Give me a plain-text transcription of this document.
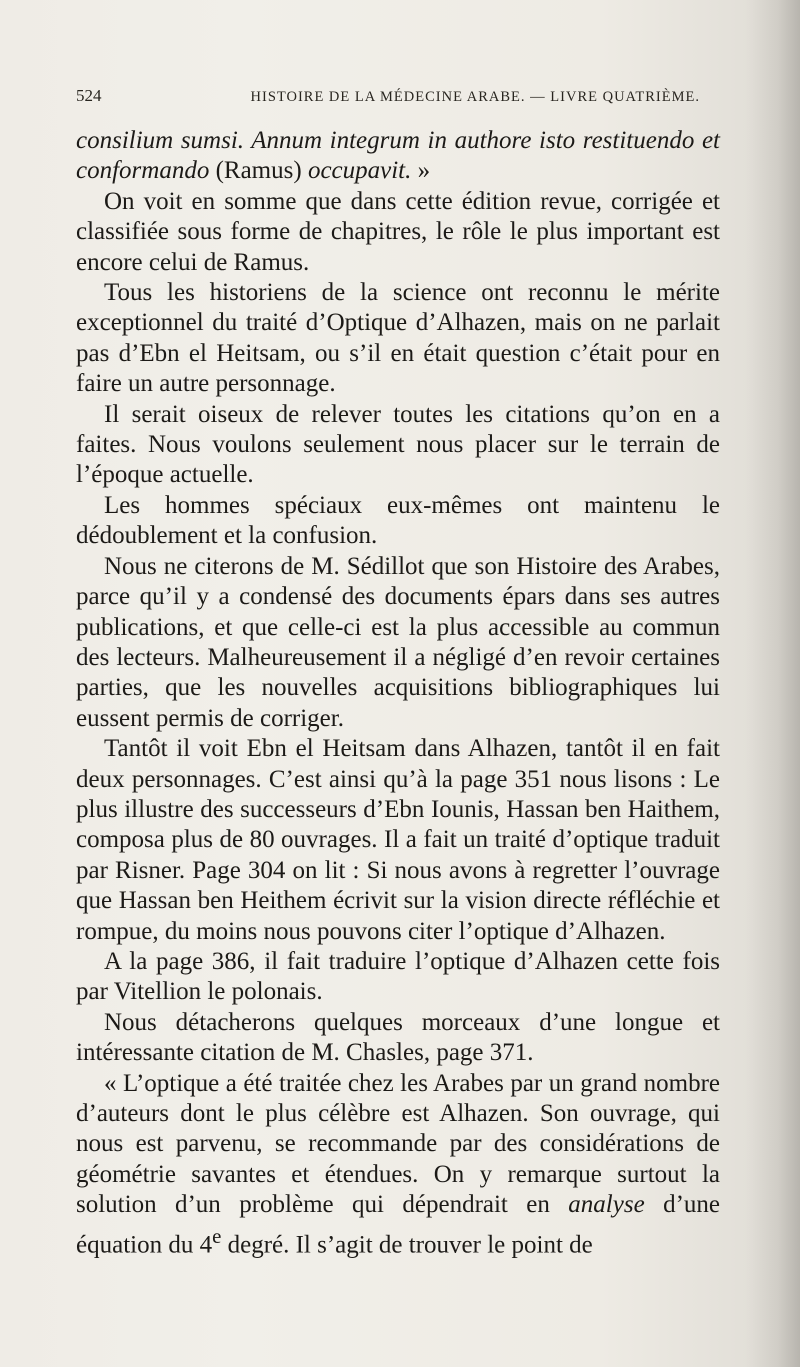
524	HISTOIRE DE LA MÉDECINE ARABE. — LIVRE QUATRIÈME.

consilium sumsi. Annum integrum in authore isto restituendo et conformando (Ramus) occupavit. »

On voit en somme que dans cette édition revue, corrigée et classifiée sous forme de chapitres, le rôle le plus important est encore celui de Ramus.

Tous les historiens de la science ont reconnu le mérite exceptionnel du traité d’Optique d’Alhazen, mais on ne parlait pas d’Ebn el Heitsam, ou s’il en était question c’était pour en faire un autre personnage.

Il serait oiseux de relever toutes les citations qu’on en a faites. Nous voulons seulement nous placer sur le terrain de l’époque actuelle.

Les hommes spéciaux eux-mêmes ont maintenu le dédoublement et la confusion.

Nous ne citerons de M. Sédillot que son Histoire des Arabes, parce qu’il y a condensé des documents épars dans ses autres publications, et que celle-ci est la plus accessible au commun des lecteurs. Malheureusement il a négligé d’en revoir certaines parties, que les nouvelles acquisitions bibliographiques lui eussent permis de corriger.

Tantôt il voit Ebn el Heitsam dans Alhazen, tantôt il en fait deux personnages. C’est ainsi qu’à la page 351 nous lisons : Le plus illustre des successeurs d’Ebn Iounis, Hassan ben Haithem, composa plus de 80 ouvrages. Il a fait un traité d’optique traduit par Risner. Page 304 on lit : Si nous avons à regretter l’ouvrage que Hassan ben Heithem écrivit sur la vision directe réfléchie et rompue, du moins nous pouvons citer l’optique d’Alhazen.

A la page 386, il fait traduire l’optique d’Alhazen cette fois par Vitellion le polonais.

Nous détacherons quelques morceaux d’une longue et intéressante citation de M. Chasles, page 371.

« L’optique a été traitée chez les Arabes par un grand nombre d’auteurs dont le plus célèbre est Alhazen. Son ouvrage, qui nous est parvenu, se recommande par des considérations de géométrie savantes et étendues. On y remarque surtout la solution d’un problème qui dépendrait en analyse d’une équation du 4e degré. Il s’agit de trouver le point de
